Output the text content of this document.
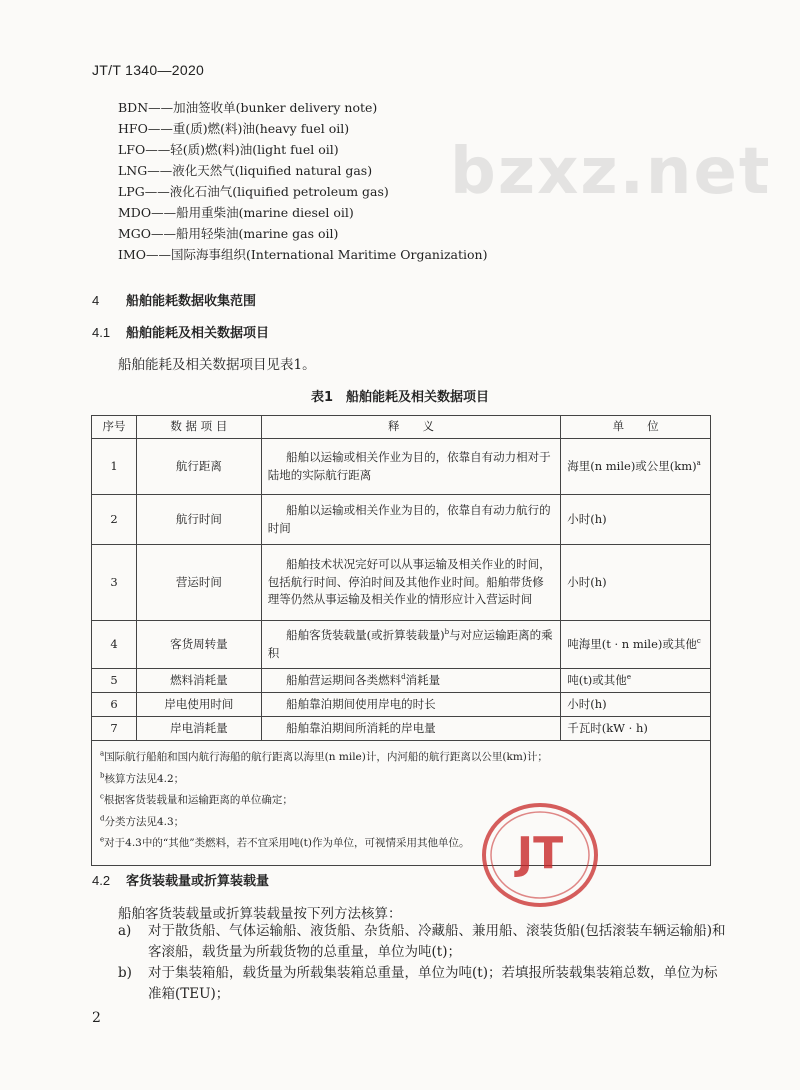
bzxz.net
JT/T 1340—2020
BDN——加油签收单(bunker delivery note)
HFO——重(质)燃(料)油(heavy fuel oil)
LFO——轻(质)燃(料)油(light fuel oil)
LNG——液化天然气(liquified natural gas)
LPG——液化石油气(liquified petroleum gas)
MDO——船用重柴油(marine diesel oil)
MGO——船用轻柴油(marine gas oil)
IMO——国际海事组织(International Maritime Organization)
4 船舶能耗数据收集范围
4.1 船舶能耗及相关数据项目
船舶能耗及相关数据项目见表1。
表1　船舶能耗及相关数据项目
序号	数 据 项 目	释　　义	单　　位
1	航行距离	船舶以运输或相关作业为目的，依靠自有动力相对于陆地的实际航行距离	海里(n mile)或公里(km)$^a$
2	航行时间	船舶以运输或相关作业为目的，依靠自有动力航行的时间	小时(h)
3	营运时间	船舶技术状况完好可以从事运输及相关作业的时间，包括航行时间、停泊时间及其他作业时间。船舶带货修理等仍然从事运输及相关作业的情形应计入营运时间	小时(h)
4	客货周转量	船舶客货装载量(或折算装载量)$^b$与对应运输距离的乘积	吨海里(t · n mile)或其他$^c$
5	燃料消耗量	船舶营运期间各类燃料$^d$消耗量	吨(t)或其他$^e$
6	岸电使用时间	船舶靠泊期间使用岸电的时长	小时(h)
7	岸电消耗量	船舶靠泊期间所消耗的岸电量	千瓦时(kW · h)

$^a$国际航行船舶和国内航行海船的航行距离以海里(n mile)计，内河船的航行距离以公里(km)计；
$^b$核算方法见4.2；
$^c$根据客货装载量和运输距离的单位确定；
$^d$分类方法见4.3；
$^e$对于4.3中的“其他”类燃料，若不宜采用吨(t)作为单位，可视情采用其他单位。				JT
4.2 客货装载量或折算装载量
船舶客货装载量或折算装载量按下列方法核算：
a) 对于散货船、气体运输船、液货船、杂货船、冷藏船、兼用船、滚装货船(包括滚装车辆运输船)和客滚船，载货量为所载货物的总重量，单位为吨(t)；
b) 对于集装箱船，载货量为所载集装箱总重量，单位为吨(t)；若填报所装载集装箱总数，单位为标准箱(TEU)；
2
